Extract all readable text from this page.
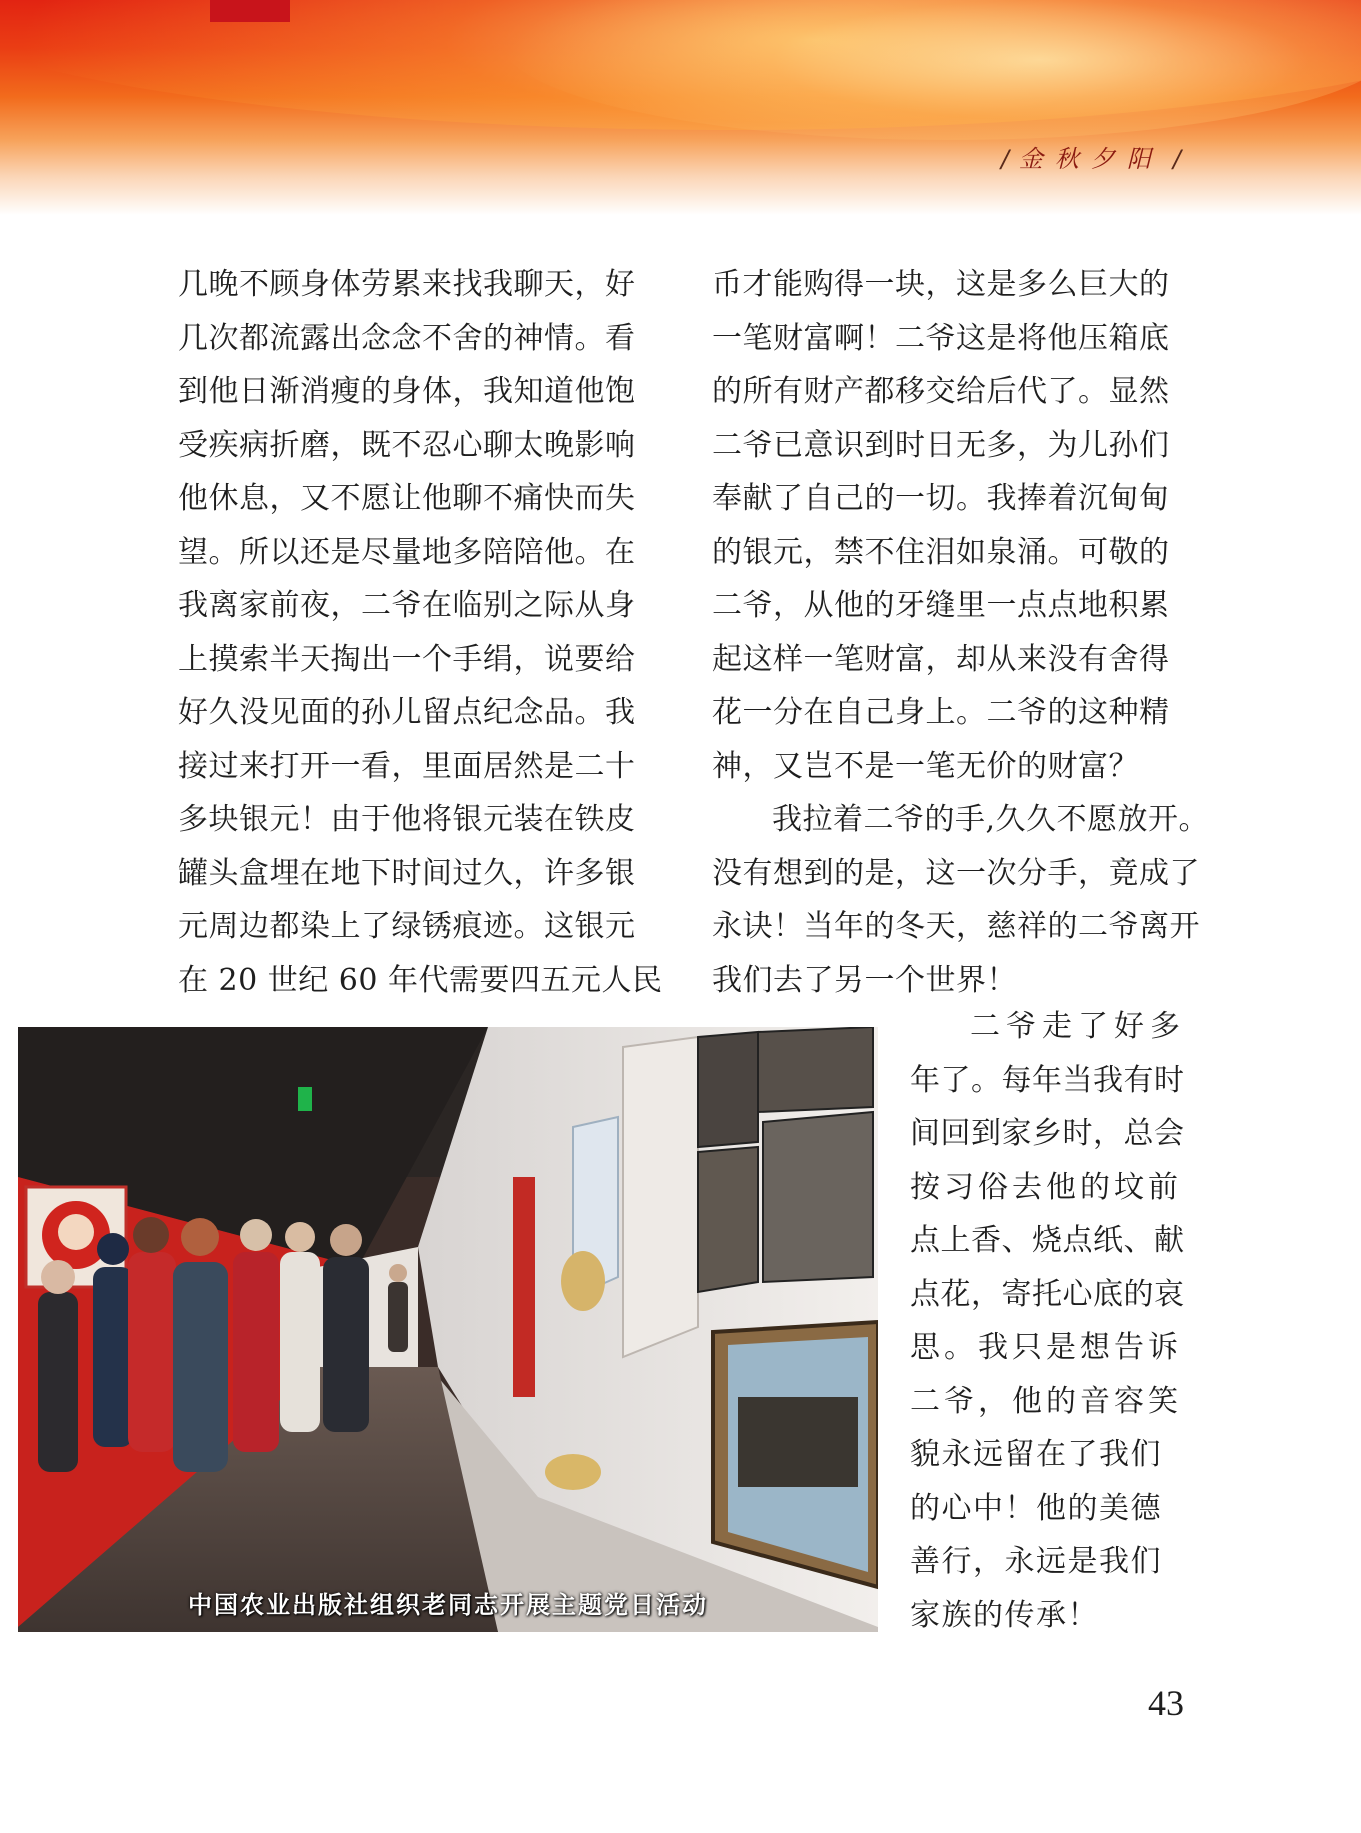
/ 金秋夕阳 /

几晚不顾身体劳累来找我聊天，好

几次都流露出念念不舍的神情。看

到他日渐消瘦的身体，我知道他饱

受疾病折磨，既不忍心聊太晚影响

他休息，又不愿让他聊不痛快而失

望。所以还是尽量地多陪陪他。在

我离家前夜，二爷在临别之际从身

上摸索半天掏出一个手绢，说要给

好久没见面的孙儿留点纪念品。我

接过来打开一看，里面居然是二十

多块银元！由于他将银元装在铁皮

罐头盒埋在地下时间过久，许多银

元周边都染上了绿锈痕迹。这银元

在 20 世纪 60 年代需要四五元人民

币才能购得一块，这是多么巨大的

一笔财富啊！二爷这是将他压箱底

的所有财产都移交给后代了。显然

二爷已意识到时日无多，为儿孙们

奉献了自己的一切。我捧着沉甸甸

的银元，禁不住泪如泉涌。可敬的

二爷，从他的牙缝里一点点地积累

起这样一笔财富，却从来没有舍得

花一分在自己身上。二爷的这种精

神，又岂不是一笔无价的财富？

我拉着二爷的手,久久不愿放开。

没有想到的是，这一次分手，竟成了

永诀！当年的冬天，慈祥的二爷离开

我们去了另一个世界！

二爷走了好多

年了。每年当我有时

间回到家乡时，总会

按习俗去他的坟前

点上香、烧点纸、献

点花，寄托心底的哀

思。我只是想告诉

二爷，他的音容笑

貌永远留在了我们

的心中！他的美德

善行，永远是我们

家族的传承！

中国农业出版社组织老同志开展主题党日活动
43
